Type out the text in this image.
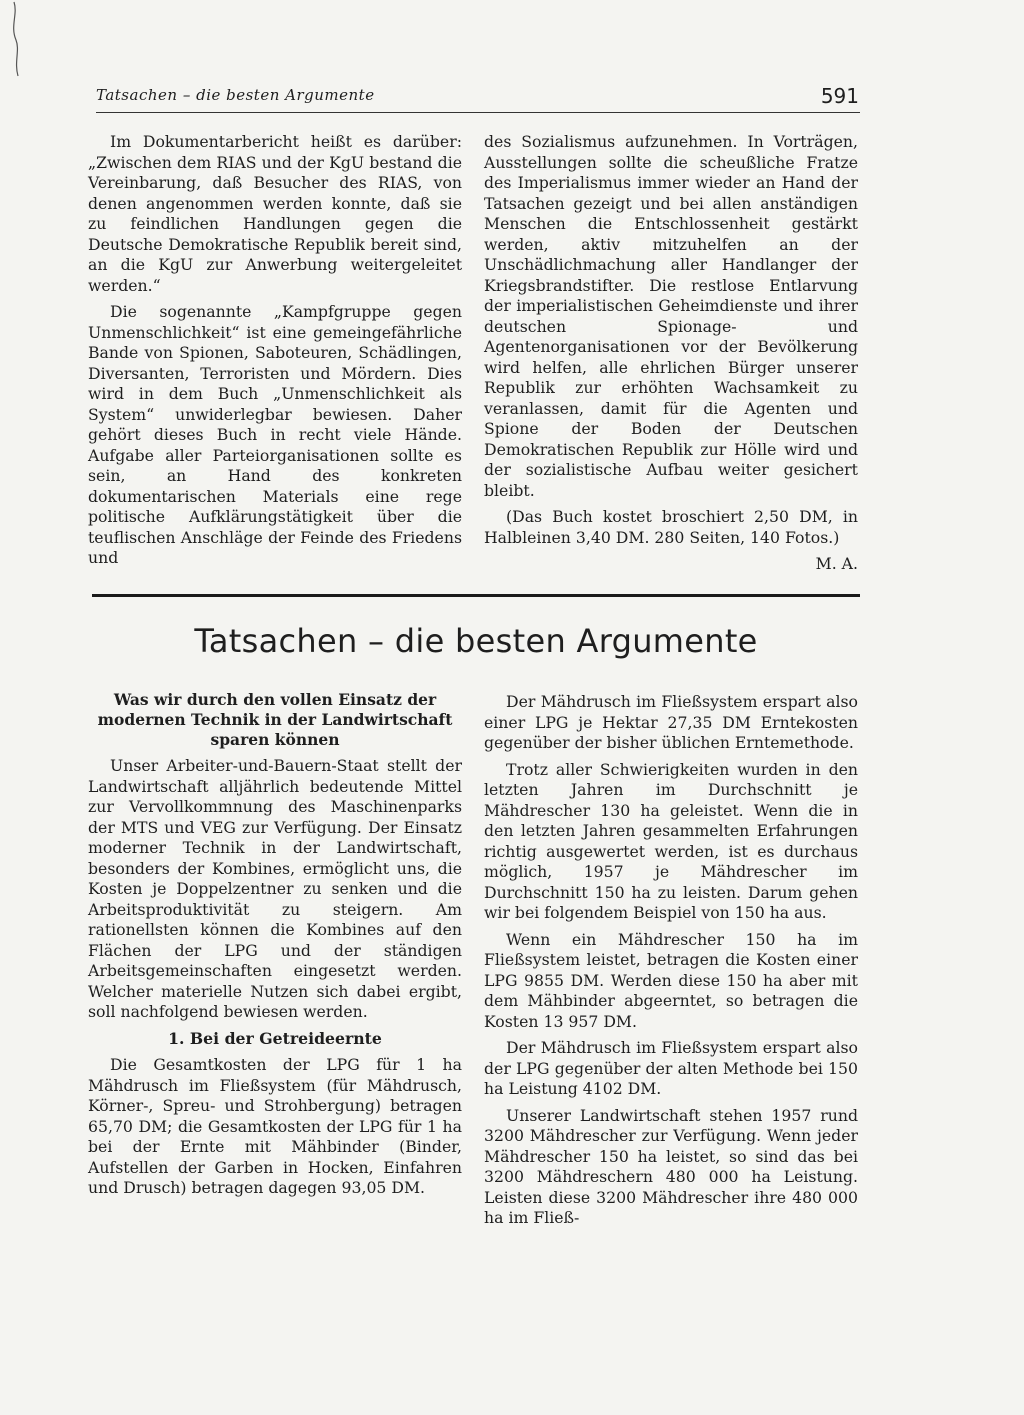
Tatsachen – die besten Argumente	591

Im Dokumentarbericht heißt es darüber: „Zwischen dem RIAS und der KgU bestand die Vereinbarung, daß Besucher des RIAS, von denen angenommen werden konnte, daß sie zu feindlichen Handlungen gegen die Deutsche Demokratische Republik bereit sind, an die KgU zur Anwerbung weitergeleitet werden.“

Die sogenannte „Kampfgruppe gegen Unmenschlichkeit“ ist eine gemeingefährliche Bande von Spionen, Saboteuren, Schädlingen, Diversanten, Terroristen und Mördern. Dies wird in dem Buch „Unmenschlichkeit als System“ unwiderlegbar bewiesen. Daher gehört dieses Buch in recht viele Hände. Aufgabe aller Parteiorganisationen sollte es sein, an Hand des konkreten dokumentarischen Materials eine rege politische Aufklärungstätigkeit über die teuflischen Anschläge der Feinde des Friedens und

des Sozialismus aufzunehmen. In Vorträgen, Ausstellungen sollte die scheußliche Fratze des Imperialismus immer wieder an Hand der Tatsachen gezeigt und bei allen anständigen Menschen die Entschlossenheit gestärkt werden, aktiv mitzuhelfen an der Unschädlichmachung aller Handlanger der Kriegsbrandstifter. Die restlose Entlarvung der imperialistischen Geheimdienste und ihrer deutschen Spionage- und Agentenorganisationen vor der Bevölkerung wird helfen, alle ehrlichen Bürger unserer Republik zur erhöhten Wachsamkeit zu veranlassen, damit für die Agenten und Spione der Boden der Deutschen Demokratischen Republik zur Hölle wird und der sozialistische Aufbau weiter gesichert bleibt.

(Das Buch kostet broschiert 2,50 DM, in Halbleinen 3,40 DM. 280 Seiten, 140 Fotos.)

M. A.
Tatsachen – die besten Argumente

Was wir durch den vollen Einsatz der modernen Technik in der Landwirtschaft sparen können

Unser Arbeiter-und-Bauern-Staat stellt der Landwirtschaft alljährlich bedeutende Mittel zur Vervollkommnung des Maschinenparks der MTS und VEG zur Verfügung. Der Einsatz moderner Technik in der Landwirtschaft, besonders der Kombines, ermöglicht uns, die Kosten je Doppelzentner zu senken und die Arbeitsproduktivität zu steigern. Am rationellsten können die Kombines auf den Flächen der LPG und der ständigen Arbeitsgemeinschaften eingesetzt werden. Welcher materielle Nutzen sich dabei ergibt, soll nachfolgend bewiesen werden.

1. Bei der Getreideernte

Die Gesamtkosten der LPG für 1 ha Mähdrusch im Fließsystem (für Mähdrusch, Körner-, Spreu- und Strohbergung) betragen 65,70 DM; die Gesamtkosten der LPG für 1 ha bei der Ernte mit Mähbinder (Binder, Aufstellen der Garben in Hocken, Einfahren und Drusch) betragen dagegen 93,05 DM.

Der Mähdrusch im Fließsystem erspart also einer LPG je Hektar 27,35 DM Erntekosten gegenüber der bisher üblichen Erntemethode.

Trotz aller Schwierigkeiten wurden in den letzten Jahren im Durchschnitt je Mähdrescher 130 ha geleistet. Wenn die in den letzten Jahren gesammelten Erfahrungen richtig ausgewertet werden, ist es durchaus möglich, 1957 je Mähdrescher im Durchschnitt 150 ha zu leisten. Darum gehen wir bei folgendem Beispiel von 150 ha aus.

Wenn ein Mähdrescher 150 ha im Fließsystem leistet, betragen die Kosten einer LPG 9855 DM. Werden diese 150 ha aber mit dem Mähbinder abgeerntet, so betragen die Kosten 13 957 DM.

Der Mähdrusch im Fließsystem erspart also der LPG gegenüber der alten Methode bei 150 ha Leistung 4102 DM.

Unserer Landwirtschaft stehen 1957 rund 3200 Mähdrescher zur Verfügung. Wenn jeder Mähdrescher 150 ha leistet, so sind das bei 3200 Mähdreschern 480 000 ha Leistung. Leisten diese 3200 Mähdrescher ihre 480 000 ha im Fließ-
